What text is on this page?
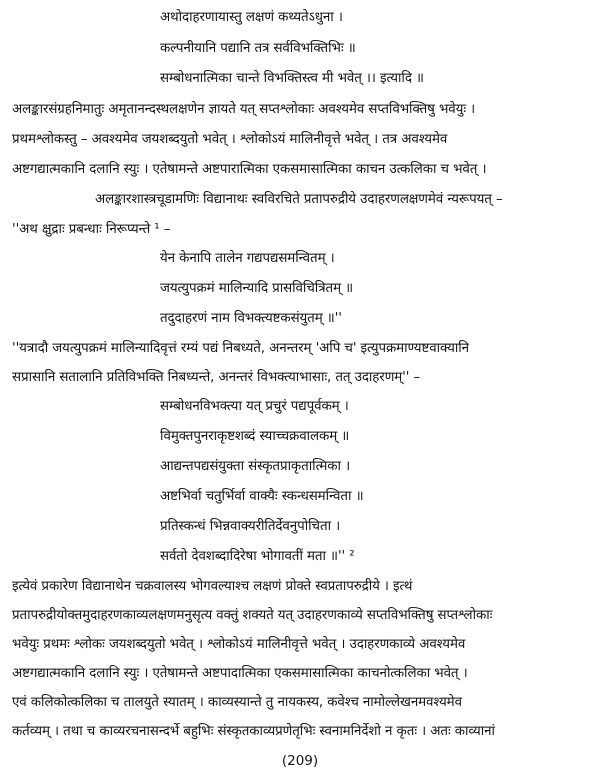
अथोदाहरणायास्तु लक्षणं कथ्यतेऽधुना ।
कल्पनीयानि पद्यानि तत्र सर्वविभक्तिभिः ॥
सम्बोधनात्मिका चान्ते विभक्तिस्त्व मी भवेत् ।। इत्यादि ॥
अलङ्कारसंग्रहनिमातुः अमृतानन्दस्थलक्षणेन ज्ञायते यत् सप्तश्लोकाः अवश्यमेव सप्तविभक्तिषु भवेयुः ।
प्रथमश्लोकस्तु – अवश्यमेव जयशब्दयुतो भवेत् । श्लोकोऽयं मालिनीवृत्ते भवेत् । तत्र अवश्यमेव
अष्टगद्यात्मकानि दलानि स्युः । एतेषामन्ते अष्टपारात्मिका एकसमासात्मिका काचन उत्कलिका च भवेत् ।
अलङ्कारशास्त्रचूडामणिः विद्यानाथः स्वविरचिते प्रतापरुद्रीये उदाहरणलक्षणमेवं न्यरूपयत् –
''अथ क्षुद्राः प्रबन्धाः निरूप्यन्ते ¹ –
येन केनापि तालेन गद्यपद्यसमन्वितम् ।
जयत्युपक्रमं मालिन्यादि प्रासविचित्रितम् ॥
तदुदाहरणं नाम विभक्त्यष्टकसंयुतम् ॥''
''यत्रादौ जयत्युपक्रमं मालिन्यादिवृत्तं रम्यं पद्यं निबध्यते, अनन्तरम् 'अपि च' इत्युपक्रमाण्यष्टवाक्यानि
सप्रासानि सतालानि प्रतिविभक्ति निबध्यन्ते, अनन्तरं विभक्त्याभासाः, तत् उदाहरणम्'' –
सम्बोधनविभक्त्या यत् प्रचुरं पद्यपूर्वकम् ।
विमुक्तपुनराकृष्टशब्दं स्याच्चक्रवालकम् ॥
आद्यन्तपद्यसंयुक्ता संस्कृतप्राकृतात्मिका ।
अष्टभिर्वा चतुर्भिर्वा वाक्यैः स्कन्धसमन्विता ॥
प्रतिस्कन्धं भिन्नवाक्यरीतिर्देवनुपोचिता ।
सर्वतो देवशब्दादिरेषा भोगावतीं मता ॥'' ²
इत्येवं प्रकारेण विद्यानाथेन चक्रवालस्य भोगवल्याश्च लक्षणं प्रोक्ते स्वप्रतापरुद्रीये । इत्थं
प्रतापरुद्रीयोक्तमुदाहरणकाव्यलक्षणमनुसृत्य वक्तुं शक्यते यत् उदाहरणकाव्ये सप्तविभक्तिषु सप्तश्लोकाः
भवेयुः प्रथमः श्लोकः जयशब्दयुतो भवेत् । श्लोकोऽयं मालिनीवृत्ते भवेत् । उदाहरणकाव्ये अवश्यमेव
अष्टगद्यात्मकानि दलानि स्युः । एतेषामन्ते अष्टपादात्मिका एकसमासात्मिका काचनोत्कलिका भवेत् ।
एवं कलिकोत्कलिका च तालयुते स्यातम् । काव्यस्यान्ते तु नायकस्य, कवेश्च नामोल्लेखनमवश्यमेव
कर्तव्यम् । तथा च काव्यरचनासन्दर्भे बहुभिः संस्कृतकाव्यप्रणेतृभिः स्वनामनिर्देशो न कृतः । अतः काव्यानां
(209)
